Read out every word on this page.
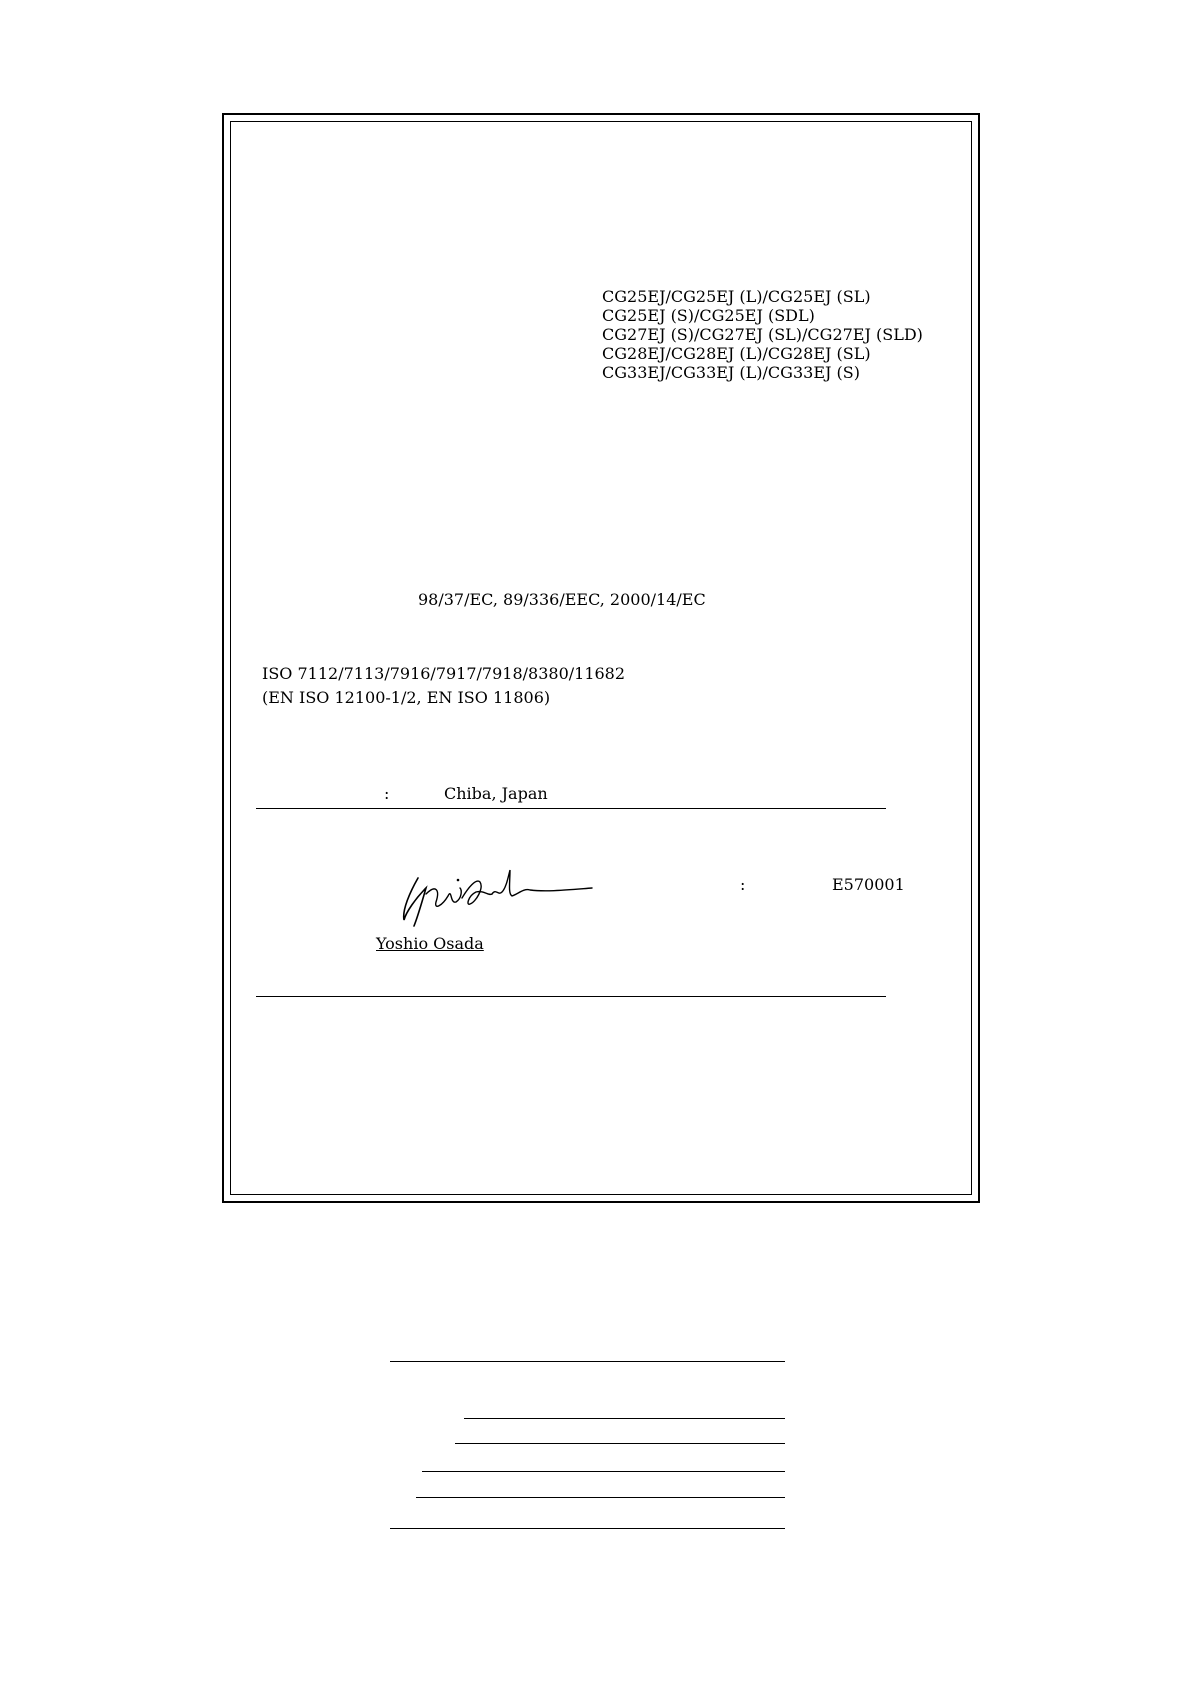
CG25EJ/CG25EJ (L)/CG25EJ (SL)
CG25EJ (S)/CG25EJ (SDL)
CG27EJ (S)/CG27EJ (SL)/CG27EJ (SLD)
CG28EJ/CG28EJ (L)/CG28EJ (SL)
CG33EJ/CG33EJ (L)/CG33EJ (S)
98/37/EC, 89/336/EEC, 2000/14/EC
ISO 7112/7113/7916/7917/7918/8380/11682
(EN ISO 12100-1/2, EN ISO 11806)
:	Chiba, Japan
Yoshio Osada
:	E570001
